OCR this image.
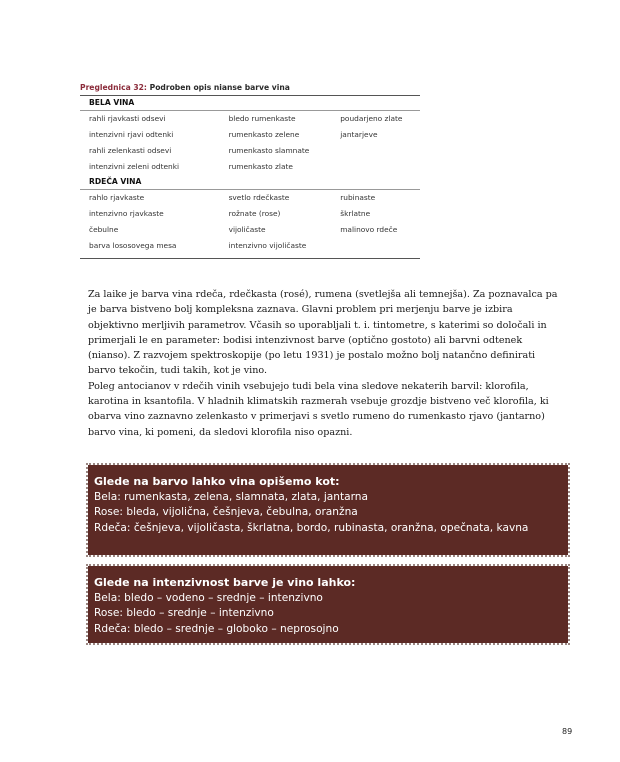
Preglednica 32: Podroben opis nianse barve vina
BELA VINA
rahli rjavkasti odsevi	bledo rumenkaste	poudarjeno zlate
intenzivni rjavi odtenki	rumenkasto zelene	jantarjeve
rahli zelenkasti odsevi	rumenkasto slamnate
intenzivni zeleni odtenki	rumenkasto zlate
RDEČA VINA
rahlo rjavkaste	svetlo rdečkaste	rubinaste
intenzivno rjavkaste	rožnate (rose)	škrlatne
čebulne	vijoličaste	malinovo rdeče
barva lososovega mesa	intenzivno vijoličaste

Za laike je barva vina rdeča, rdečkasta (rosé), rumena (svetlejša ali temnejša). Za poznavalca pa je barva bistveno bolj kompleksna zaznava. Glavni problem pri merjenju barve je izbira objektivno merljivih parametrov. Včasih so uporabljali t. i. tintometre, s katerimi so določali in primerjali le en parameter: bodisi intenzivnost barve (optično gostoto) ali barvni odtenek (nianso). Z razvojem spektroskopije (po letu 1931) je postalo možno bolj natančno definirati barvo tekočin, tudi takih, kot je vino.

Poleg antocianov v rdečih vinih vsebujejo tudi bela vina sledove nekaterih barvil: klorofila, karotina in ksantofila. V hladnih klimatskih razmerah vsebuje grozdje bistveno več klorofila, ki obarva vino zaznavno zelenkasto v primerjavi s svetlo rumeno do rumenkasto rjavo (jantarno) barvo vina, ki pomeni, da sledovi klorofila niso opazni.

Glede na barvo lahko vina opišemo kot:
Bela: rumenkasta, zelena, slamnata, zlata, jantarna
Rose: bleda, vijolična, češnjeva, čebulna, oranžna
Rdeča: češnjeva, vijoličasta, škrlatna, bordo, rubinasta, oranžna, opečnata, kavna
Glede na intenzivnost barve je vino lahko:
Bela: bledo – vodeno – srednje – intenzivno
Rose: bledo – srednje – intenzivno
Rdeča: bledo – srednje – globoko – neprosojno
89
